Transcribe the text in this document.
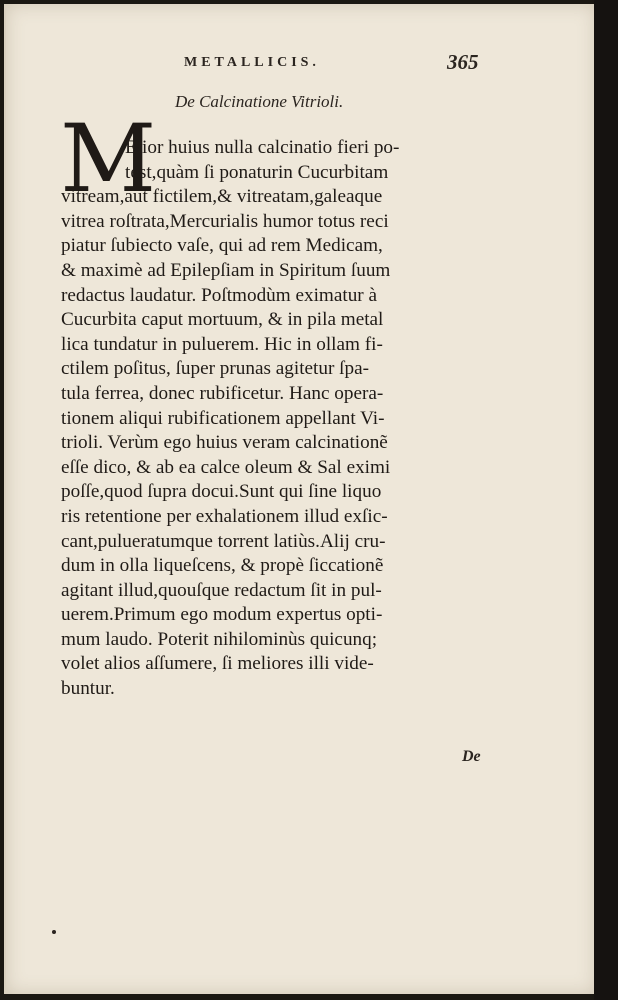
METALLICIS.	365
De Calcinatione Vitrioli.
M
Elior huius nulla calcinatio fieri po-
test,quàm ſi ponaturin Cucurbitam
vitream,aut fictilem,& vitreatam,galeaque
vitrea roſtrata,Mercurialis humor totus reci
piatur ſubiecto vaſe, qui ad rem Medicam,
& maximè ad Epilepſiam in Spiritum ſuum
redactus laudatur. Poſtmodùm eximatur à
Cucurbita caput mortuum, & in pila metal
lica tundatur in puluerem. Hic in ollam fi-
ctilem poſitus, ſuper prunas agitetur ſpa-
tula ferrea, donec rubificetur. Hanc opera-
tionem aliqui rubificationem appellant Vi-
trioli. Verùm ego huius veram calcinationẽ
eſſe dico, & ab ea calce oleum & Sal eximi
poſſe,quod ſupra docui.Sunt qui ſine liquo
ris retentione per exhalationem illud exſic-
cant,pulueratumque torrent latiùs.Alij cru-
dum in olla liqueſcens, & propè ſiccationẽ
agitant illud,quouſque redactum ſit in pul-
uerem.Primum ego modum expertus opti-
mum laudo. Poterit nihilominùs quicunq;
volet alios aſſumere, ſi meliores illi vide-
buntur.
De
